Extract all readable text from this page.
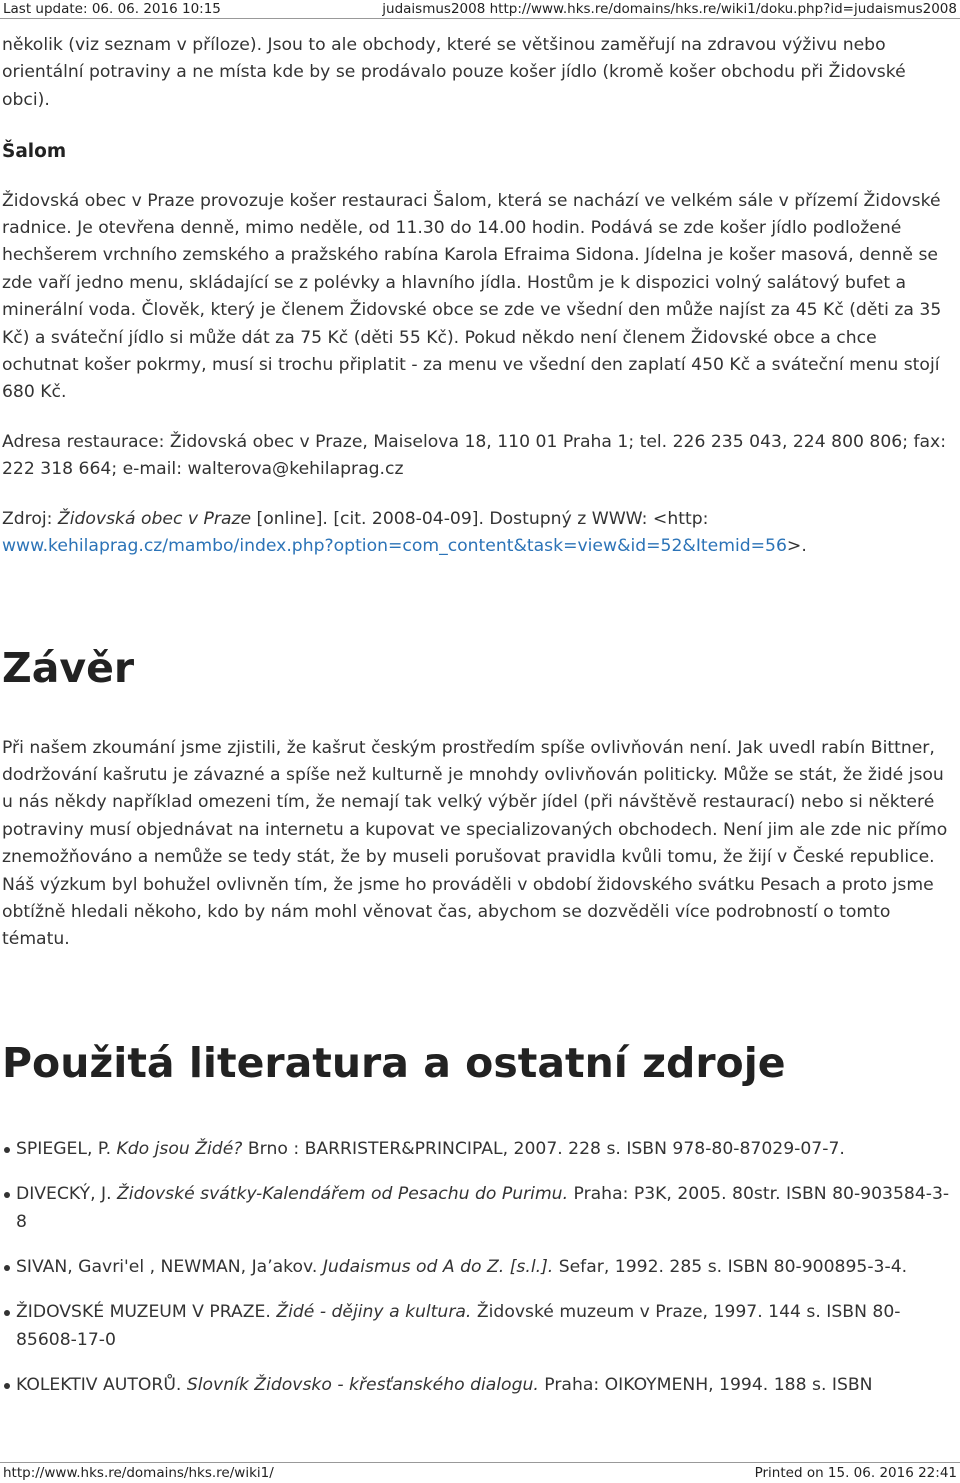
Last update: 06. 06. 2016 10:15	judaismus2008 http://www.hks.re/domains/hks.re/wiki1/doku.php?id=judaismus2008

několik (viz seznam v příloze). Jsou to ale obchody, které se většinou zaměřují na zdravou výživu nebo orientální potraviny a ne místa kde by se prodávalo pouze košer jídlo (kromě košer obchodu při Židovské obci).

Šalom

Židovská obec v Praze provozuje košer restauraci Šalom, která se nachází ve velkém sále v přízemí Židovské radnice. Je otevřena denně, mimo neděle, od 11.30 do 14.00 hodin. Podává se zde košer jídlo podložené hechšerem vrchního zemského a pražského rabína Karola Efraima Sidona. Jídelna je košer masová, denně se zde vaří jedno menu, skládající se z polévky a hlavního jídla. Hostům je k dispozici volný salátový bufet a minerální voda. Člověk, který je členem Židovské obce se zde ve všední den může najíst za 45 Kč (děti za 35 Kč) a sváteční jídlo si může dát za 75 Kč (děti 55 Kč). Pokud někdo není členem Židovské obce a chce ochutnat košer pokrmy, musí si trochu připlatit - za menu ve všední den zaplatí 450 Kč a sváteční menu stojí 680 Kč.

Adresa restaurace: Židovská obec v Praze, Maiselova 18, 110 01 Praha 1; tel. 226 235 043, 224 800 806; fax: 222 318 664; e-mail: walterova@kehilaprag.cz

Zdroj: Židovská obec v Praze [online]. [cit. 2008-04-09]. Dostupný z WWW: <http: www.kehilaprag.cz/mambo/index.php?option=com_content&task=view&id=52&Itemid=56>.

Závěr

Při našem zkoumání jsme zjistili, že kašrut českým prostředím spíše ovlivňován není. Jak uvedl rabín Bittner, dodržování kašrutu je závazné a spíše než kulturně je mnohdy ovlivňován politicky. Může se stát, že židé jsou u nás někdy například omezeni tím, že nemají tak velký výběr jídel (při návštěvě restaurací) nebo si některé potraviny musí objednávat na internetu a kupovat ve specializovaných obchodech. Není jim ale zde nic přímo znemožňováno a nemůže se tedy stát, že by museli porušovat pravidla kvůli tomu, že žijí v České republice. Náš výzkum byl bohužel ovlivněn tím, že jsme ho prováděli v období židovského svátku Pesach a proto jsme obtížně hledali někoho, kdo by nám mohl věnovat čas, abychom se dozvěděli více podrobností o tomto tématu.

Použitá literatura a ostatní zdroje
SPIEGEL, P. Kdo jsou Židé? Brno : BARRISTER&PRINCIPAL, 2007. 228 s. ISBN 978-80-87029-07-7.
DIVECKÝ, J. Židovské svátky-Kalendářem od Pesachu do Purimu. Praha: P3K, 2005. 80str. ISBN 80-903584-3-8
SIVAN, Gavri'el , NEWMAN, Ja’akov. Judaismus od A do Z. [s.l.]. Sefar, 1992. 285 s. ISBN 80-900895-3-4.
ŽIDOVSKÉ MUZEUM V PRAZE. Židé - dějiny a kultura. Židovské muzeum v Praze, 1997. 144 s. ISBN 80-85608-17-0
KOLEKTIV AUTORŮ. Slovník Židovsko - křesťanského dialogu. Praha: OIKOYMENH, 1994. 188 s. ISBN
http://www.hks.re/domains/hks.re/wiki1/	Printed on 15. 06. 2016 22:41
